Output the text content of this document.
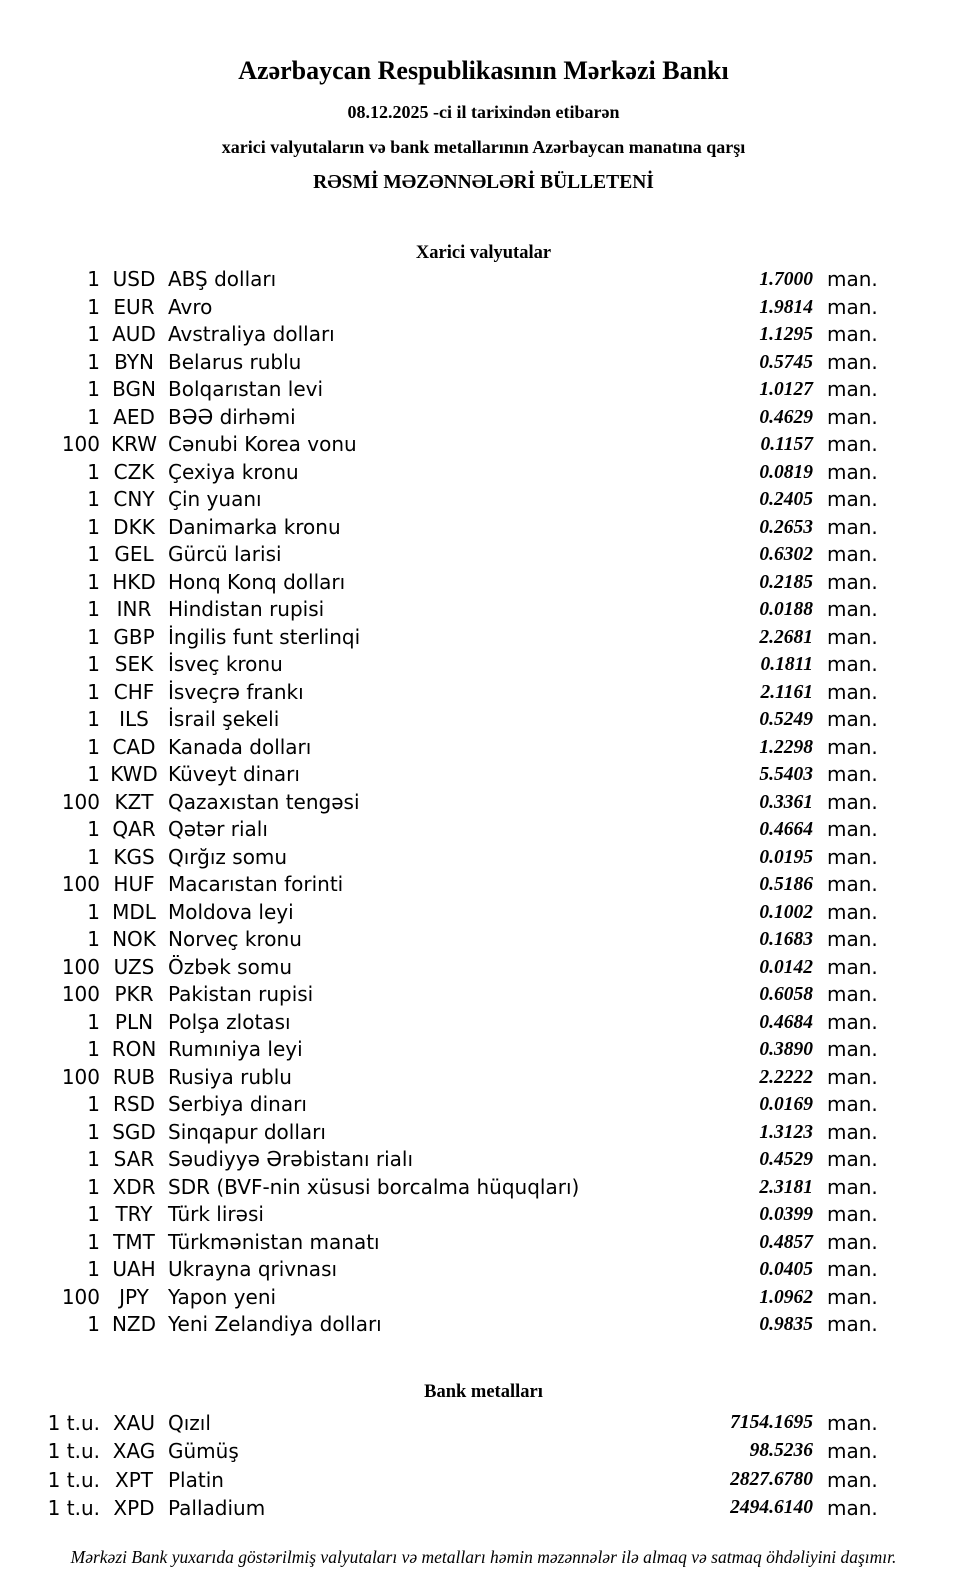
Azərbaycan Respublikasının Mərkəzi Bankı
08.12.2025 -ci il tarixindən etibarən
xarici valyutaların və bank metallarının Azərbaycan manatına qarşı
RƏSMİ MƏZƏNNƏLƏRİ BÜLLETENİ
Xarici valyutalar
1 USD ABŞ dolları	1.7000 man.
1 EUR Avro	1.9814 man.
1 AUD Avstraliya dolları	1.1295 man.
1 BYN Belarus rublu	0.5745 man.
1 BGN Bolqarıstan levi	1.0127 man.
1 AED BƏƏ dirhəmi	0.4629 man.
100 KRW Cənubi Korea vonu	0.1157 man.
1 CZK Çexiya kronu	0.0819 man.
1 CNY Çin yuanı	0.2405 man.
1 DKK Danimarka kronu	0.2653 man.
1 GEL Gürcü larisi	0.6302 man.
1 HKD Honq Konq dolları	0.2185 man.
1 INR Hindistan rupisi	0.0188 man.
1 GBP İngilis funt sterlinqi	2.2681 man.
1 SEK İsveç kronu	0.1811 man.
1 CHF İsveçrə frankı	2.1161 man.
1 ILS İsrail şekeli	0.5249 man.
1 CAD Kanada dolları	1.2298 man.
1 KWD Küveyt dinarı	5.5403 man.
100 KZT Qazaxıstan tengəsi	0.3361 man.
1 QAR Qətər rialı	0.4664 man.
1 KGS Qırğız somu	0.0195 man.
100 HUF Macarıstan forinti	0.5186 man.
1 MDL Moldova leyi	0.1002 man.
1 NOK Norveç kronu	0.1683 man.
100 UZS Özbək somu	0.0142 man.
100 PKR Pakistan rupisi	0.6058 man.
1 PLN Polşa zlotası	0.4684 man.
1 RON Rumıniya leyi	0.3890 man.
100 RUB Rusiya rublu	2.2222 man.
1 RSD Serbiya dinarı	0.0169 man.
1 SGD Sinqapur dolları	1.3123 man.
1 SAR Səudiyyə Ərəbistanı rialı	0.4529 man.
1 XDR SDR (BVF-nin xüsusi borcalma hüquqları)	2.3181 man.
1 TRY Türk lirəsi	0.0399 man.
1 TMT Türkmənistan manatı	0.4857 man.
1 UAH Ukrayna qrivnası	0.0405 man.
100 JPY Yapon yeni	1.0962 man.
1 NZD Yeni Zelandiya dolları	0.9835 man.
Bank metalları
1 t.u. XAU Qızıl	7154.1695 man.
1 t.u. XAG Gümüş	98.5236 man.
1 t.u. XPT Platin	2827.6780 man.
1 t.u. XPD Palladium	2494.6140 man.
Mərkəzi Bank yuxarıda göstərilmiş valyutaları və metalları həmin məzənnələr ilə almaq və satmaq öhdəliyini daşımır.
